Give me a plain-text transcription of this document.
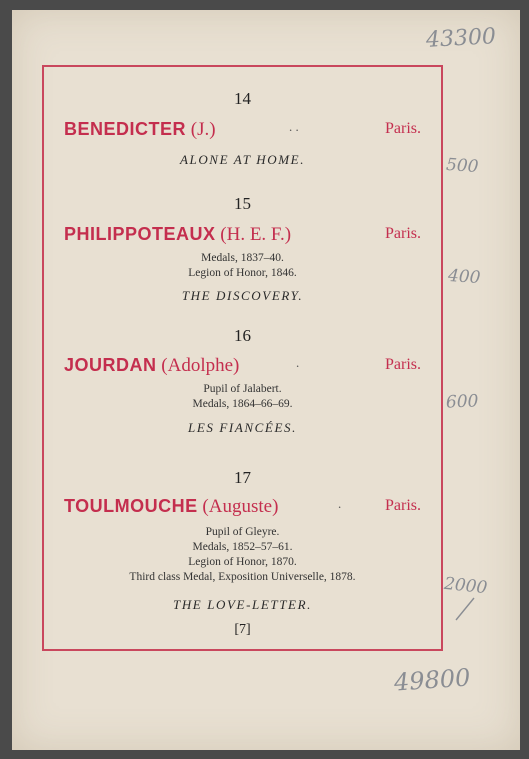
43300
14
BENEDICTER (J.)	. .	Paris.
ALONE AT HOME.
15
PHILIPPOTEAUX (H. E. F.)	Paris.
Medals, 1837–40.
Legion of Honor, 1846.
THE DISCOVERY.
16
JOURDAN (Adolphe)	.	Paris.
Pupil of Jalabert.
Medals, 1864–66–69.
LES FIANCÉES.
17
TOULMOUCHE (Auguste)	.	Paris.
Pupil of Gleyre.
Medals, 1852–57–61.
Legion of Honor, 1870.
Third class Medal, Exposition Universelle, 1878.
THE LOVE-LETTER.
[7]
500
400
600
2000
49800
